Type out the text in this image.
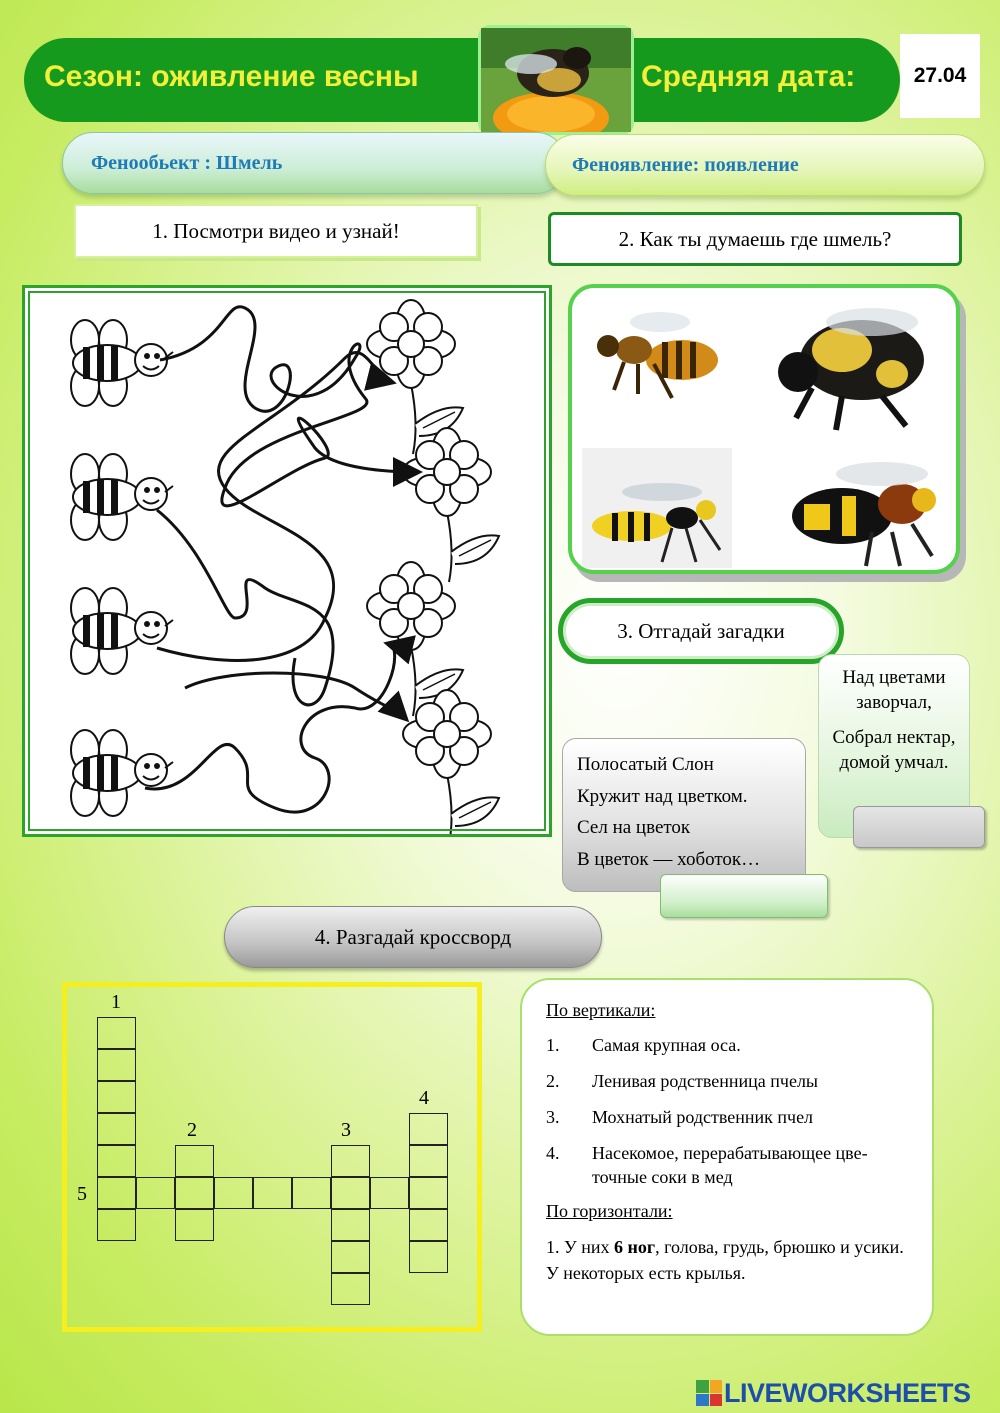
Сезон: оживление весны	Средняя дата:	27.04
Фенообьект : Шмель	Феноявление: появление
1. Посмотри видео и узнай!	2. Как ты думаешь где шмель?
3. Отгадай загадки

Над цветами заворчал,

Собрал нектар, домой умчал.

Полосатый Слон
Кружит над цветком.
Сел на цветок
В цветок — хоботок…
4. Разгадай кроссворд
1
2	3
4
5
По вертикали:
1.	Самая крупная оса.
2.	Ленивая родственница пчелы
3.	Мохнатый родственник пчел
4.	Насекомое, перерабатывающее цве-точные соки в мед
По горизонтали:
1. У них 6 ног, голова, грудь, брюшко и усики. У некоторых есть крылья.
LIVEWORKSHEETS
